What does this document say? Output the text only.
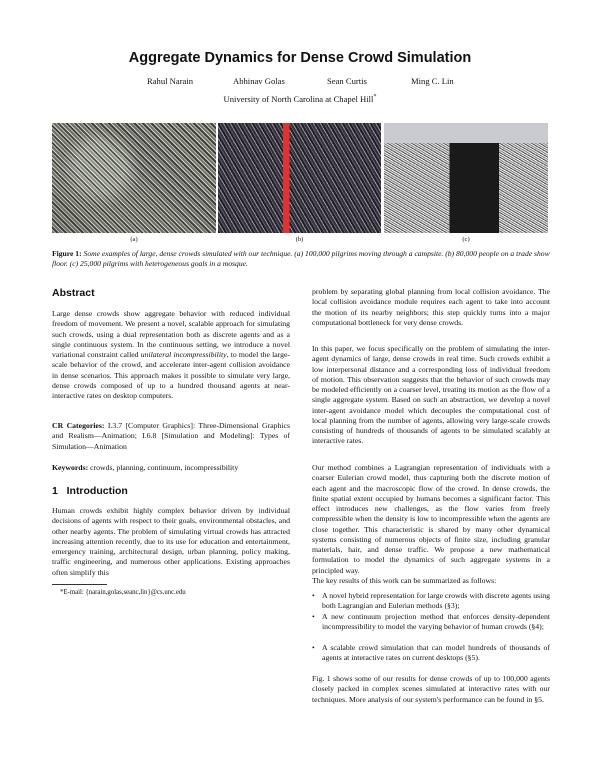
Aggregate Dynamics for Dense Crowd Simulation
Rahul Narain	Abhinav Golas	Sean Curtis	Ming C. Lin
University of North Carolina at Chapel Hill*
(a)	(b)	(c)
Figure 1: Some examples of large, dense crowds simulated with our technique. (a) 100,000 pilgrims moving through a campsite. (b) 80,000 people on a trade show floor. (c) 25,000 pilgrims with heterogeneous goals in a mosque.
Abstract
Large dense crowds show aggregate behavior with reduced individual freedom of movement. We present a novel, scalable approach for simulating such crowds, using a dual representation both as discrete agents and as a single continuous system. In the continuous setting, we introduce a novel variational constraint called unilateral incompressibility, to model the large-scale behavior of the crowd, and accelerate inter-agent collision avoidance in dense scenarios. This approach makes it possible to simulate very large, dense crowds composed of up to a hundred thousand agents at near-interactive rates on desktop computers.
CR Categories: I.3.7 [Computer Graphics]: Three-Dimensional Graphics and Realism—Animation; I.6.8 [Simulation and Modeling]: Types of Simulation—Animation
Keywords: crowds, planning, continuum, incompressibility
1 Introduction
Human crowds exhibit highly complex behavior driven by individual decisions of agents with respect to their goals, environmental obstacles, and other nearby agents. The problem of simulating virtual crowds has attracted increasing attention recently, due to its use for education and entertainment, emergency training, architectural design, urban planning, policy making, traffic engineering, and numerous other applications. Existing approaches often simplify this
*E-mail: {narain,golas,seanc,lin}@cs.unc.edu
problem by separating global planning from local collision avoidance. The local collision avoidance module requires each agent to take into account the motion of its nearby neighbors; this step quickly turns into a major computational bottleneck for very dense crowds.
In this paper, we focus specifically on the problem of simulating the inter-agent dynamics of large, dense crowds in real time. Such crowds exhibit a low interpersonal distance and a corresponding loss of individual freedom of motion. This observation suggests that the behavior of such crowds may be modeled efficiently on a coarser level, treating its motion as the flow of a single aggregate system. Based on such an abstraction, we develop a novel inter-agent avoidance model which decouples the computational cost of local planning from the number of agents, allowing very large-scale crowds consisting of hundreds of thousands of agents to be simulated scalably at interactive rates.
Our method combines a Lagrangian representation of individuals with a coarser Eulerian crowd model, thus capturing both the discrete motion of each agent and the macroscopic flow of the crowd. In dense crowds, the finite spatial extent occupied by humans becomes a significant factor. This effect introduces new challenges, as the flow varies from freely compressible when the density is low to incompressible when the agents are close together. This characteristic is shared by many other dynamical systems consisting of numerous objects of finite size, including granular materials, hair, and dense traffic. We propose a new mathematical formulation to model the dynamics of such aggregate systems in a principled way.
The key results of this work can be summarized as follows:

• A novel hybrid representation for large crowds with discrete agents using both Lagrangian and Eulerian methods (§3);

• A new continuum projection method that enforces density-dependent incompressibility to model the varying behavior of human crowds (§4);

• A scalable crowd simulation that can model hundreds of thousands of agents at interactive rates on current desktops (§5).

Fig. 1 shows some of our results for dense crowds of up to 100,000 agents closely packed in complex scenes simulated at interactive rates with our techniques. More analysis of our system's performance can be found in §5.
